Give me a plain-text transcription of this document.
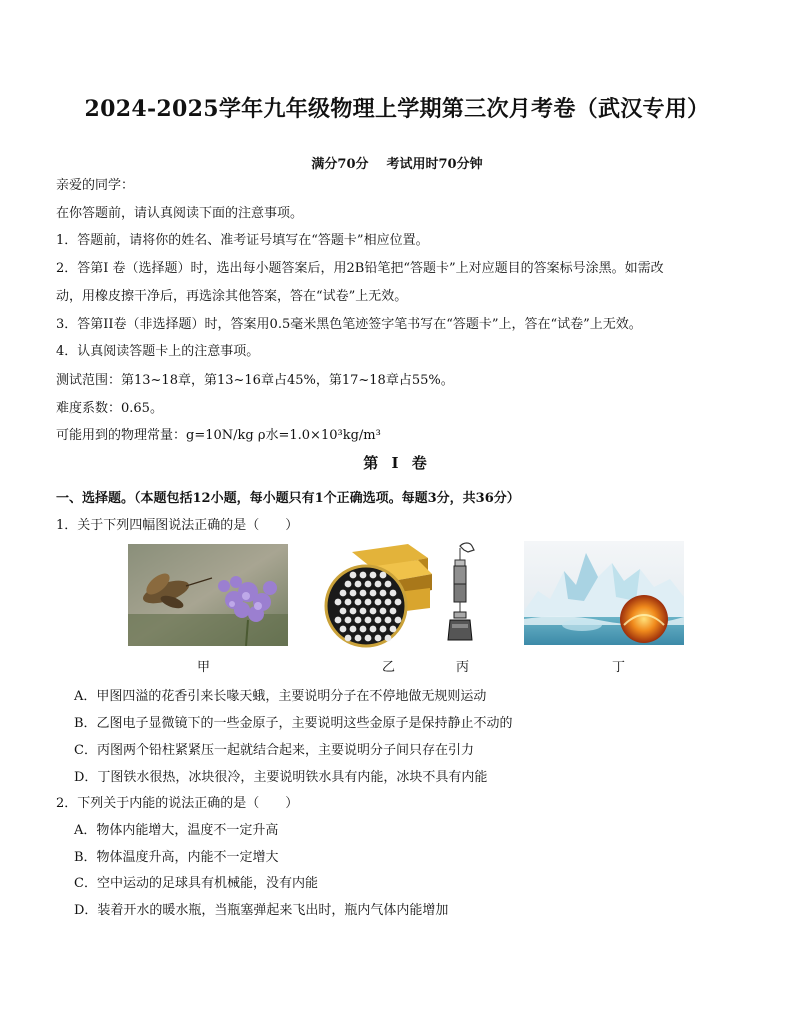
2024-2025学年九年级物理上学期第三次月考卷（武汉专用）
满分70分 考试用时70分钟
亲爱的同学：
在你答题前，请认真阅读下面的注意事项。
1．答题前，请将你的姓名、准考证号填写在“答题卡”相应位置。
2．答第I 卷（选择题）时，选出每小题答案后，用2B铅笔把“答题卡”上对应题目的答案标号涂黑。如需改
动，用橡皮擦干净后，再选涂其他答案，答在“试卷”上无效。
3．答第II卷（非选择题）时，答案用0.5毫米黑色笔迹签字笔书写在“答题卡”上，答在“试卷”上无效。
4．认真阅读答题卡上的注意事项。
测试范围：第13~18章，第13~16章占45%，第17~18章占55%。
难度系数：0.65。
可能用到的物理常量：g=10N/kg ρ水=1.0×10³kg/m³
第 I 卷
一、选择题。（本题包括12小题，每小题只有1个正确选项。每题3分，共36分）
1．关于下列四幅图说法正确的是（　　）
甲	乙	丙	丁
A．甲图四溢的花香引来长喙天蛾，主要说明分子在不停地做无规则运动
B．乙图电子显微镜下的一些金原子，主要说明这些金原子是保持静止不动的
C．丙图两个铅柱紧紧压一起就结合起来，主要说明分子间只存在引力
D．丁图铁水很热，冰块很冷，主要说明铁水具有内能，冰块不具有内能
2．下列关于内能的说法正确的是（　　）
A．物体内能增大，温度不一定升高
B．物体温度升高，内能不一定增大
C．空中运动的足球具有机械能，没有内能
D．装着开水的暖水瓶，当瓶塞弹起来飞出时，瓶内气体内能增加
